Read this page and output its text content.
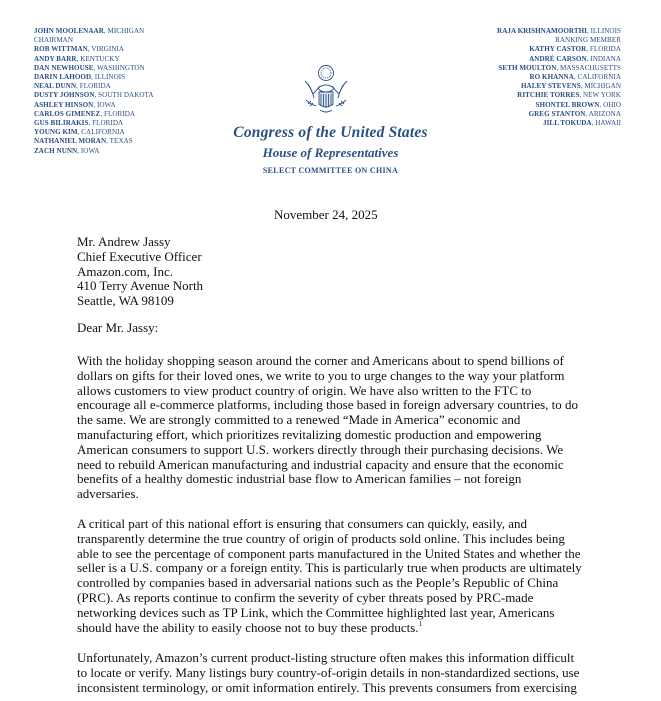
JOHN MOOLENAAR, MICHIGAN
CHAIRMAN
ROB WITTMAN, VIRGINIA
ANDY BARR, KENTUCKY
DAN NEWHOUSE, WASHINGTON
DARIN LAHOOD, ILLINOIS
NEAL DUNN, FLORIDA
DUSTY JOHNSON, SOUTH DAKOTA
ASHLEY HINSON, IOWA
CARLOS GIMENEZ, FLORIDA
GUS BILIRAKIS, FLORIDA
YOUNG KIM, CALIFORNIA
NATHANIEL MORAN, TEXAS
ZACH NUNN, IOWA
RAJA KRISHNAMOORTHI, ILLINOIS
RANKING MEMBER
KATHY CASTOR, FLORIDA
ANDRÉ CARSON, INDIANA
SETH MOULTON, MASSACHUSETTS
RO KHANNA, CALIFORNIA
HALEY STEVENS, MICHIGAN
RITCHIE TORRES, NEW YORK
SHONTEL BROWN, OHIO
GREG STANTON, ARIZONA
JILL TOKUDA, HAWAII
Congress of the United States
House of Representatives
SELECT COMMITTEE ON CHINA
November 24, 2025
Mr. Andrew Jassy
Chief Executive Officer
Amazon.com, Inc.
410 Terry Avenue North
Seattle, WA 98109
Dear Mr. Jassy:
With the holiday shopping season around the corner and Americans about to spend billions of
dollars on gifts for their loved ones, we write to you to urge changes to the way your platform
allows customers to view product country of origin. We have also written to the FTC to
encourage all e-commerce platforms, including those based in foreign adversary countries, to do
the same. We are strongly committed to a renewed “Made in America” economic and
manufacturing effort, which prioritizes revitalizing domestic production and empowering
American consumers to support U.S. workers directly through their purchasing decisions. We
need to rebuild American manufacturing and industrial capacity and ensure that the economic
benefits of a healthy domestic industrial base flow to American families – not foreign
adversaries.
A critical part of this national effort is ensuring that consumers can quickly, easily, and
transparently determine the true country of origin of products sold online. This includes being
able to see the percentage of component parts manufactured in the United States and whether the
seller is a U.S. company or a foreign entity. This is particularly true when products are ultimately
controlled by companies based in adversarial nations such as the People’s Republic of China
(PRC). As reports continue to confirm the severity of cyber threats posed by PRC-made
networking devices such as TP Link, which the Committee highlighted last year, Americans
should have the ability to easily choose not to buy these products.$^1$
Unfortunately, Amazon’s current product-listing structure often makes this information difficult
to locate or verify. Many listings bury country-of-origin details in non-standardized sections, use
inconsistent terminology, or omit information entirely. This prevents consumers from exercising
